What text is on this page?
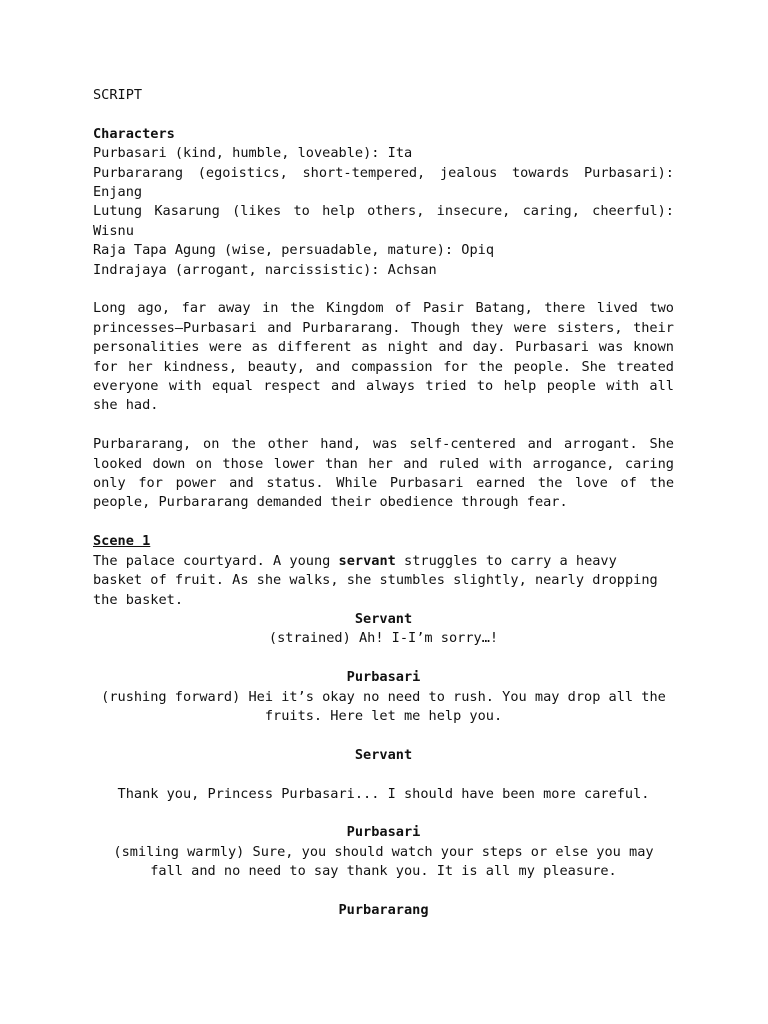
SCRIPT

Characters

Purbasari (kind, humble, loveable): Ita

Purbararang (egoistics, short-tempered, jealous towards Purbasari): Enjang

Lutung Kasarung (likes to help others, insecure, caring, cheerful): Wisnu

Raja Tapa Agung (wise, persuadable, mature): Opiq

Indrajaya (arrogant, narcissistic): Achsan

Long ago, far away in the Kingdom of Pasir Batang, there lived two princesses—Purbasari and Purbararang. Though they were sisters, their personalities were as different as night and day. Purbasari was known for her kindness, beauty, and compassion for the people. She treated everyone with equal respect and always tried to help people with all she had.

Purbararang, on the other hand, was self-centered and arrogant. She looked down on those lower than her and ruled with arrogance, caring only for power and status. While Purbasari earned the love of the people, Purbararang demanded their obedience through fear.

Scene 1

The palace courtyard. A young servant struggles to carry a heavy basket of fruit. As she walks, she stumbles slightly, nearly dropping the basket.

Servant

(strained) Ah! I-I’m sorry…!

Purbasari

(rushing forward) Hei it’s okay no need to rush. You may drop all the fruits. Here let me help you.

Servant

Thank you, Princess Purbasari... I should have been more careful.

Purbasari

(smiling warmly) Sure, you should watch your steps or else you may fall and no need to say thank you. It is all my pleasure.

Purbararang
